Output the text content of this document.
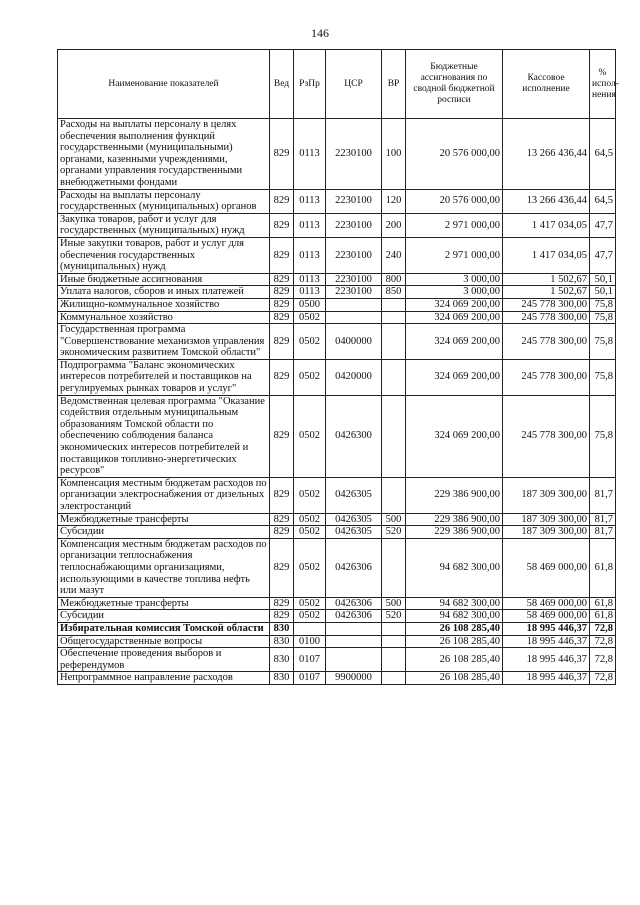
146
Наименование показателей	Вед	РзПр	ЦСР	ВР	Бюджетные ассигнования по сводной бюджетной росписи	Кассовое исполнение	% испол- нения
Расходы на выплаты персоналу в целях обеспечения выполнения функций государственными (муниципальными) органами, казенными учреждениями, органами управления государственными внебюджетными фондами	829	0113	2230100	100	20 576 000,00	13 266 436,44	64,5
Расходы на выплаты персоналу государственных (муниципальных) органов	829	0113	2230100	120	20 576 000,00	13 266 436,44	64,5
Закупка товаров, работ и услуг для государственных (муниципальных) нужд	829	0113	2230100	200	2 971 000,00	1 417 034,05	47,7
Иные закупки товаров, работ и услуг для обеспечения государственных (муниципальных) нужд	829	0113	2230100	240	2 971 000,00	1 417 034,05	47,7
Иные бюджетные ассигнования	829	0113	2230100	800	3 000,00	1 502,67	50,1
Уплата налогов, сборов и иных платежей	829	0113	2230100	850	3 000,00	1 502,67	50,1
Жилищно-коммунальное хозяйство	829	0500			324 069 200,00	245 778 300,00	75,8
Коммунальное хозяйство	829	0502			324 069 200,00	245 778 300,00	75,8
Государственная программа "Совершенствование механизмов управления экономическим развитием Томской области"	829	0502	0400000		324 069 200,00	245 778 300,00	75,8
Подпрограмма "Баланс экономических интересов потребителей и поставщиков на регулируемых рынках товаров и услуг"	829	0502	0420000		324 069 200,00	245 778 300,00	75,8
Ведомственная целевая программа "Оказание содействия отдельным муниципальным образованиям Томской области по обеспечению соблюдения баланса экономических интересов потребителей и поставщиков топливно-энергетических ресурсов"	829	0502	0426300		324 069 200,00	245 778 300,00	75,8
Компенсация местным бюджетам расходов по организации электроснабжения от дизельных электростанций	829	0502	0426305		229 386 900,00	187 309 300,00	81,7
Межбюджетные трансферты	829	0502	0426305	500	229 386 900,00	187 309 300,00	81,7
Субсидии	829	0502	0426305	520	229 386 900,00	187 309 300,00	81,7
Компенсация местным бюджетам расходов по организации теплоснабжения теплоснабжающими организациями, использующими в качестве топлива нефть или мазут	829	0502	0426306		94 682 300,00	58 469 000,00	61,8
Межбюджетные трансферты	829	0502	0426306	500	94 682 300,00	58 469 000,00	61,8
Субсидии	829	0502	0426306	520	94 682 300,00	58 469 000,00	61,8
Избирательная комиссия Томской области	830				26 108 285,40	18 995 446,37	72,8
Общегосударственные вопросы	830	0100			26 108 285,40	18 995 446,37	72,8
Обеспечение проведения выборов и референдумов	830	0107			26 108 285,40	18 995 446,37	72,8
Непрограммное направление расходов	830	0107	9900000		26 108 285,40	18 995 446,37	72,8
